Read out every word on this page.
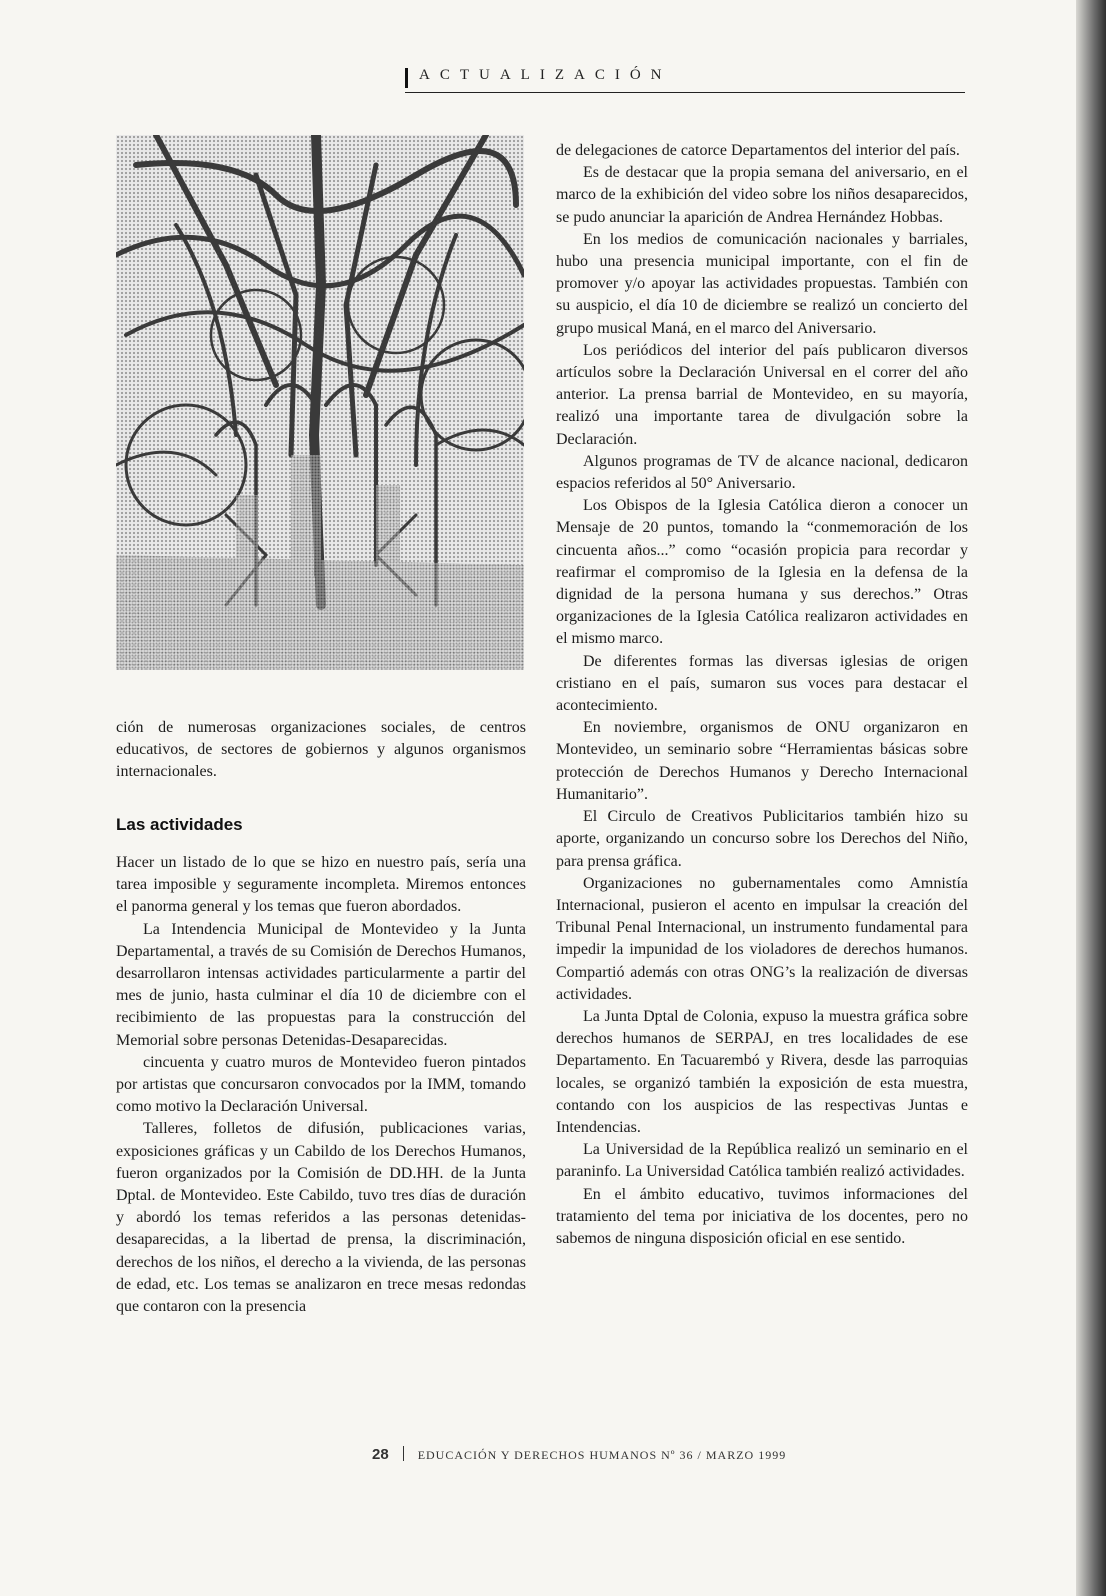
ACTUALIZACIÓN

ción de numerosas organizaciones sociales, de centros educativos, de sectores de gobiernos y algunos organismos internacionales.

Las actividades

Hacer un listado de lo que se hizo en nuestro país, sería una tarea imposible y seguramente incompleta. Miremos entonces el panorma general y los temas que fueron abordados.

La Intendencia Municipal de Montevideo y la Junta Departamental, a través de su Comisión de Derechos Humanos, desarrollaron intensas actividades particularmente a partir del mes de junio, hasta culminar el día 10 de diciembre con el recibimiento de las propuestas para la construcción del Memorial sobre personas Detenidas-Desaparecidas.

cincuenta y cuatro muros de Montevideo fueron pintados por artistas que concursaron convocados por la IMM, tomando como motivo la Declaración Universal.

Talleres, folletos de difusión, publicaciones varias, exposiciones gráficas y un Cabildo de los Derechos Humanos, fueron organizados por la Comisión de DD.HH. de la Junta Dptal. de Montevideo. Este Cabildo, tuvo tres días de duración y abordó los temas referidos a las personas detenidas-desaparecidas, a la libertad de prensa, la discriminación, derechos de los niños, el derecho a la vivienda, de las personas de edad, etc. Los temas se analizaron en trece mesas redondas que contaron con la presencia

de delegaciones de catorce Departamentos del interior del país.

Es de destacar que la propia semana del aniversario, en el marco de la exhibición del video sobre los niños desaparecidos, se pudo anunciar la aparición de Andrea Hernández Hobbas.

En los medios de comunicación nacionales y barriales, hubo una presencia municipal importante, con el fin de promover y/o apoyar las actividades propuestas. También con su auspicio, el día 10 de diciembre se realizó un concierto del grupo musical Maná, en el marco del Aniversario.

Los periódicos del interior del país publicaron diversos artículos sobre la Declaración Universal en el correr del año anterior. La prensa barrial de Montevideo, en su mayoría, realizó una importante tarea de divulgación sobre la Declaración.

Algunos programas de TV de alcance nacional, dedicaron espacios referidos al 50° Aniversario.

Los Obispos de la Iglesia Católica dieron a conocer un Mensaje de 20 puntos, tomando la “conmemoración de los cincuenta años...” como “ocasión propicia para recordar y reafirmar el compromiso de la Iglesia en la defensa de la dignidad de la persona humana y sus derechos.” Otras organizaciones de la Iglesia Católica realizaron actividades en el mismo marco.

De diferentes formas las diversas iglesias de origen cristiano en el país, sumaron sus voces para destacar el acontecimiento.

En noviembre, organismos de ONU organizaron en Montevideo, un seminario sobre “Herramientas básicas sobre protección de Derechos Humanos y Derecho Internacional Humanitario”.

El Circulo de Creativos Publicitarios también hizo su aporte, organizando un concurso sobre los Derechos del Niño, para prensa gráfica.

Organizaciones no gubernamentales como Amnistía Internacional, pusieron el acento en impulsar la creación del Tribunal Penal Internacional, un instrumento fundamental para impedir la impunidad de los violadores de derechos humanos. Compartió además con otras ONG’s la realización de diversas actividades.

La Junta Dptal de Colonia, expuso la muestra gráfica sobre derechos humanos de SERPAJ, en tres localidades de ese Departamento. En Tacuarembó y Rivera, desde las parroquias locales, se organizó también la exposición de esta muestra, contando con los auspicios de las respectivas Juntas e Intendencias.

La Universidad de la República realizó un seminario en el paraninfo. La Universidad Católica también realizó actividades.

En el ámbito educativo, tuvimos informaciones del tratamiento del tema por iniciativa de los docentes, pero no sabemos de ninguna disposición oficial en ese sentido.

28 EDUCACIÓN Y DERECHOS HUMANOS Nº 36 / MARZO 1999
